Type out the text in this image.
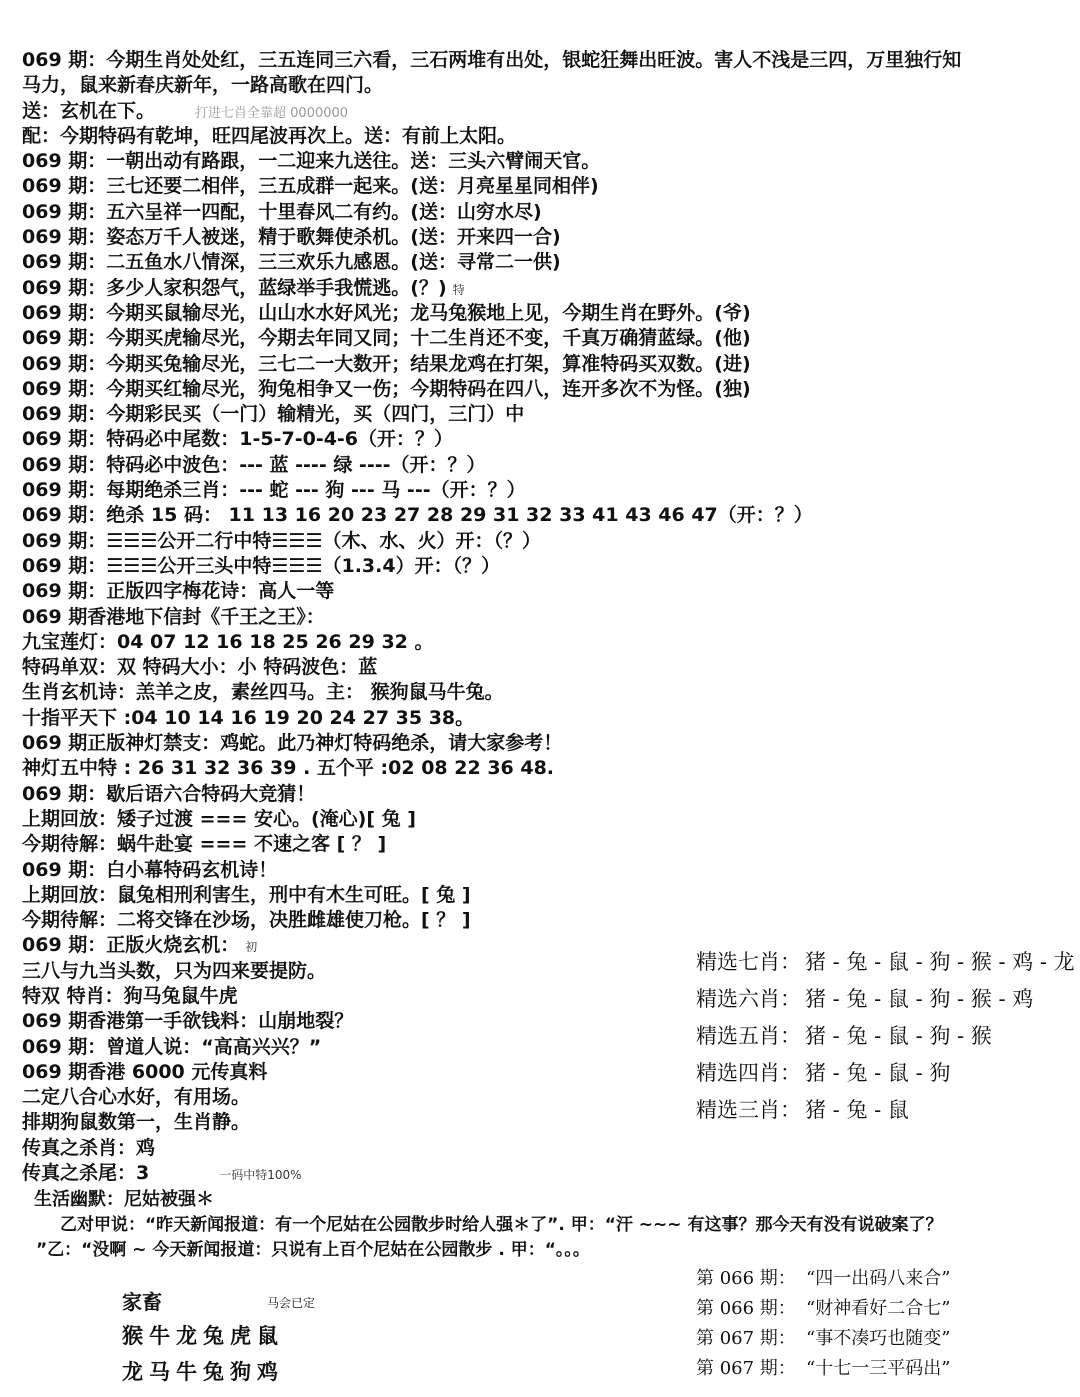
069 期：今期生肖处处红，三五连同三六看，三石两堆有出处，银蛇狂舞出旺波。害人不浅是三四，万里独行知
马力，鼠来新春庆新年，一路高歌在四门。
送：玄机在下。	打进七肖全靠超 0000000
配：今期特码有乾坤，旺四尾波再次上。送：有前上太阳。
069 期：一朝出动有路跟，一二迎来九送往。送：三头六臂闹天官。
069 期：三七还要二相伴，三五成群一起来。(送：月亮星星同相伴)
069 期：五六呈祥一四配，十里春风二有约。(送：山穷水尽)
069 期：姿态万千人被迷，精于歌舞使杀机。(送：开来四一合)
069 期：二五鱼水八情深，三三欢乐九感恩。(送：寻常二一供)
069 期：多少人家积怨气，蓝绿举手我慌逃。(？) 特
069 期：今期买鼠输尽光，山山水水好风光；龙马兔猴地上见，今期生肖在野外。(爷)
069 期：今期买虎输尽光，今期去年同又同；十二生肖还不变，千真万确猜蓝绿。(他)
069 期：今期买兔输尽光，三七二一大数开；结果龙鸡在打架，算准特码买双数。(进)
069 期：今期买红输尽光，狗兔相争又一伤；今期特码在四八，连开多次不为怪。(独)
069 期：今期彩民买（一门）输精光，买（四门，三门）中
069 期：特码必中尾数：1-5-7-0-4-6（开：？）
069 期：特码必中波色：--- 蓝 ---- 绿 ----（开：？）
069 期：每期绝杀三肖：--- 蛇 --- 狗 --- 马 ---（开：？）
069 期：绝杀 15 码： 11 13 16 20 23 27 28 29 31 32 33 41 43 46 47（开：？）
069 期：☰☰☰公开二行中特☰☰☰（木、水、火）开：（？）
069 期：☰☰☰公开三头中特☰☰☰（1.3.4）开：（？）
069 期：正版四字梅花诗：高人一等
069 期香港地下信封《千王之王》：
九宝莲灯：04 07 12 16 18 25 26 29 32 。
特码单双：双 特码大小：小 特码波色：蓝
生肖玄机诗：羔羊之皮，素丝四马。主： 猴狗鼠马牛兔。
十指平天下 :04 10 14 16 19 20 24 27 35 38。
069 期正版神灯禁支：鸡蛇。此乃神灯特码绝杀，请大家参考！
神灯五中特 : 26 31 32 36 39 . 五个平 :02 08 22 36 48.
069 期：歇后语六合特码大竞猜！
上期回放：矮子过渡 === 安心。(淹心)[ 兔 ]
今期待解：蜗牛赴宴 === 不速之客 [ ？ ]
069 期：白小幕特码玄机诗！
上期回放：鼠兔相刑利害生，刑中有木生可旺。[ 兔 ]
今期待解：二将交锋在沙场，决胜雌雄使刀枪。[ ？ ]
069 期：正版火烧玄机： 初
三八与九当头数，只为四来要提防。
特双 特肖：狗马兔鼠牛虎
069 期香港第一手欲钱料：山崩地裂？
069 期：曾道人说：“高高兴兴？”
069 期香港 6000 元传真料
二定八合心水好，有用场。
排期狗鼠数第一，生肖静。
传真之杀肖：鸡
传真之杀尾：3	一码中特100%
生活幽默：尼姑被强＊
乙对甲说：“昨天新闻报道：有一个尼姑在公园散步时给人强＊了”. 甲：“汗 ~~~ 有这事？那今天有没有说破案了？
”乙：“没啊 ~ 今天新闻报道：只说有上百个尼姑在公园散步 . 甲：“。。。
精选七肖： 猪 - 兔 - 鼠 - 狗 - 猴 - 鸡 - 龙
精选六肖： 猪 - 兔 - 鼠 - 狗 - 猴 - 鸡
精选五肖： 猪 - 兔 - 鼠 - 狗 - 猴
精选四肖： 猪 - 兔 - 鼠 - 狗
精选三肖： 猪 - 兔 - 鼠
家畜	马会已定
猴牛龙兔虎鼠
龙马牛兔狗鸡
第 066 期： “四一出码八来合”
第 066 期： “财神看好二合七”
第 067 期： “事不凑巧也随变”
第 067 期： “十七一三平码出”
